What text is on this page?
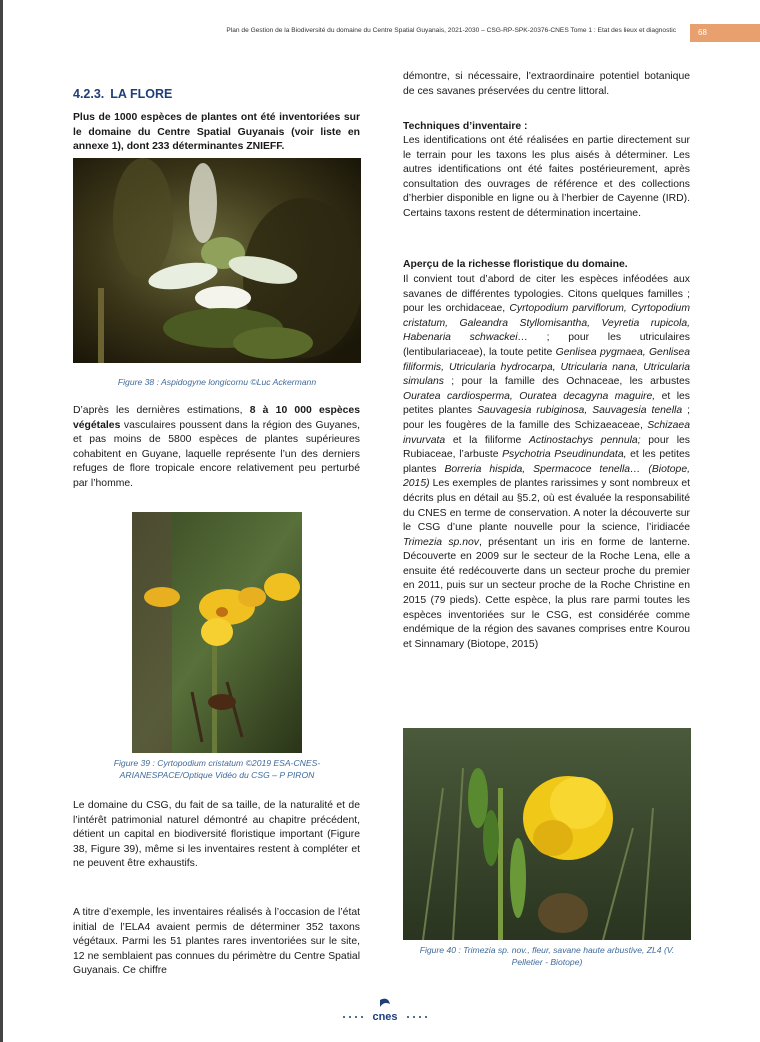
Plan de Gestion de la Biodiversité du domaine du Centre Spatial Guyanais, 2021-2030 – CSG-RP-SPK-20376-CNES Tome 1 : Etat des lieux et diagnostic	68
4.2.3. LA FLORE
Plus de 1000 espèces de plantes ont été inventoriées sur le domaine du Centre Spatial Guyanais (voir liste en annexe 1), dont 233 déterminantes ZNIEFF.
Figure 38 : Aspidogyne longicornu ©Luc Ackermann
D’après les dernières estimations, 8 à 10 000 espèces végétales vasculaires poussent dans la région des Guyanes, et pas moins de 5800 espèces de plantes supérieures cohabitent en Guyane, laquelle représente l’un des derniers refuges de flore tropicale encore relativement peu perturbé par l’homme.
Figure 39 : Cyrtopodium cristatum ©2019 ESA-CNES-ARIANESPACE/Optique Vidéo du CSG – P PIRON
Le domaine du CSG, du fait de sa taille, de la naturalité et de l’intérêt patrimonial naturel démontré au chapitre précédent, détient un capital en biodiversité floristique important (Figure 38, Figure 39), même si les inventaires restent à compléter et ne peuvent être exhaustifs.
A titre d’exemple, les inventaires réalisés à l’occasion de l’état initial de l’ELA4 avaient permis de déterminer 352 taxons végétaux. Parmi les 51 plantes rares inventoriées sur le site, 12 ne semblaient pas connues du périmètre du Centre Spatial Guyanais. Ce chiffre
démontre, si nécessaire, l’extraordinaire potentiel botanique de ces savanes préservées du centre littoral.
Techniques d’inventaire :
Les identifications ont été réalisées en partie directement sur le terrain pour les taxons les plus aisés à déterminer. Les autres identifications ont été faites postérieurement, après consultation des ouvrages de référence et des collections d’herbier disponible en ligne ou à l’herbier de Cayenne (IRD). Certains taxons restent de détermination incertaine.
Aperçu de la richesse floristique du domaine.
Il convient tout d’abord de citer les espèces inféodées aux savanes de différentes typologies. Citons quelques familles ; pour les orchidaceae, Cyrtopodium parviflorum, Cyrtopodium cristatum, Galeandra Styllomisantha, Veyretia rupicola, Habenaria schwackei… ; pour les utriculaires (lentibulariaceae), la toute petite Genlisea pygmaea, Genlisea filiformis, Utricularia hydrocarpa, Utricularia nana, Utricularia simulans ; pour la famille des Ochnaceae, les arbustes Ouratea cardiosperma, Ouratea decagyna maguire, et les petites plantes Sauvagesia rubiginosa, Sauvagesia tenella ; pour les fougères de la famille des Schizaeaceae, Schizaea invurvata et la filiforme Actinostachys pennula; pour les Rubiaceae, l’arbuste Psychotria Pseudinundata, et les petites plantes Borreria hispida, Spermacoce tenella… (Biotope, 2015) Les exemples de plantes rarissimes y sont nombreux et décrits plus en détail au §5.2, où est évaluée la responsabilité du CNES en terme de conservation. A noter la découverte sur le CSG d’une plante nouvelle pour la science, l’iridiacée Trimezia sp.nov, présentant un iris en forme de lanterne. Découverte en 2009 sur le secteur de la Roche Lena, elle a ensuite été redécouverte dans un secteur proche du premier en 2011, puis sur un secteur proche de la Roche Christine en 2015 (79 pieds). Cette espèce, la plus rare parmi toutes les espèces inventoriées sur le CSG, est considérée comme endémique de la région des savanes comprises entre Kourou et Sinnamary (Biotope, 2015)
Figure 40 : Trimezia sp. nov., fleur, savane haute arbustive, ZL4 (V. Pelletier - Biotope)
cnes
